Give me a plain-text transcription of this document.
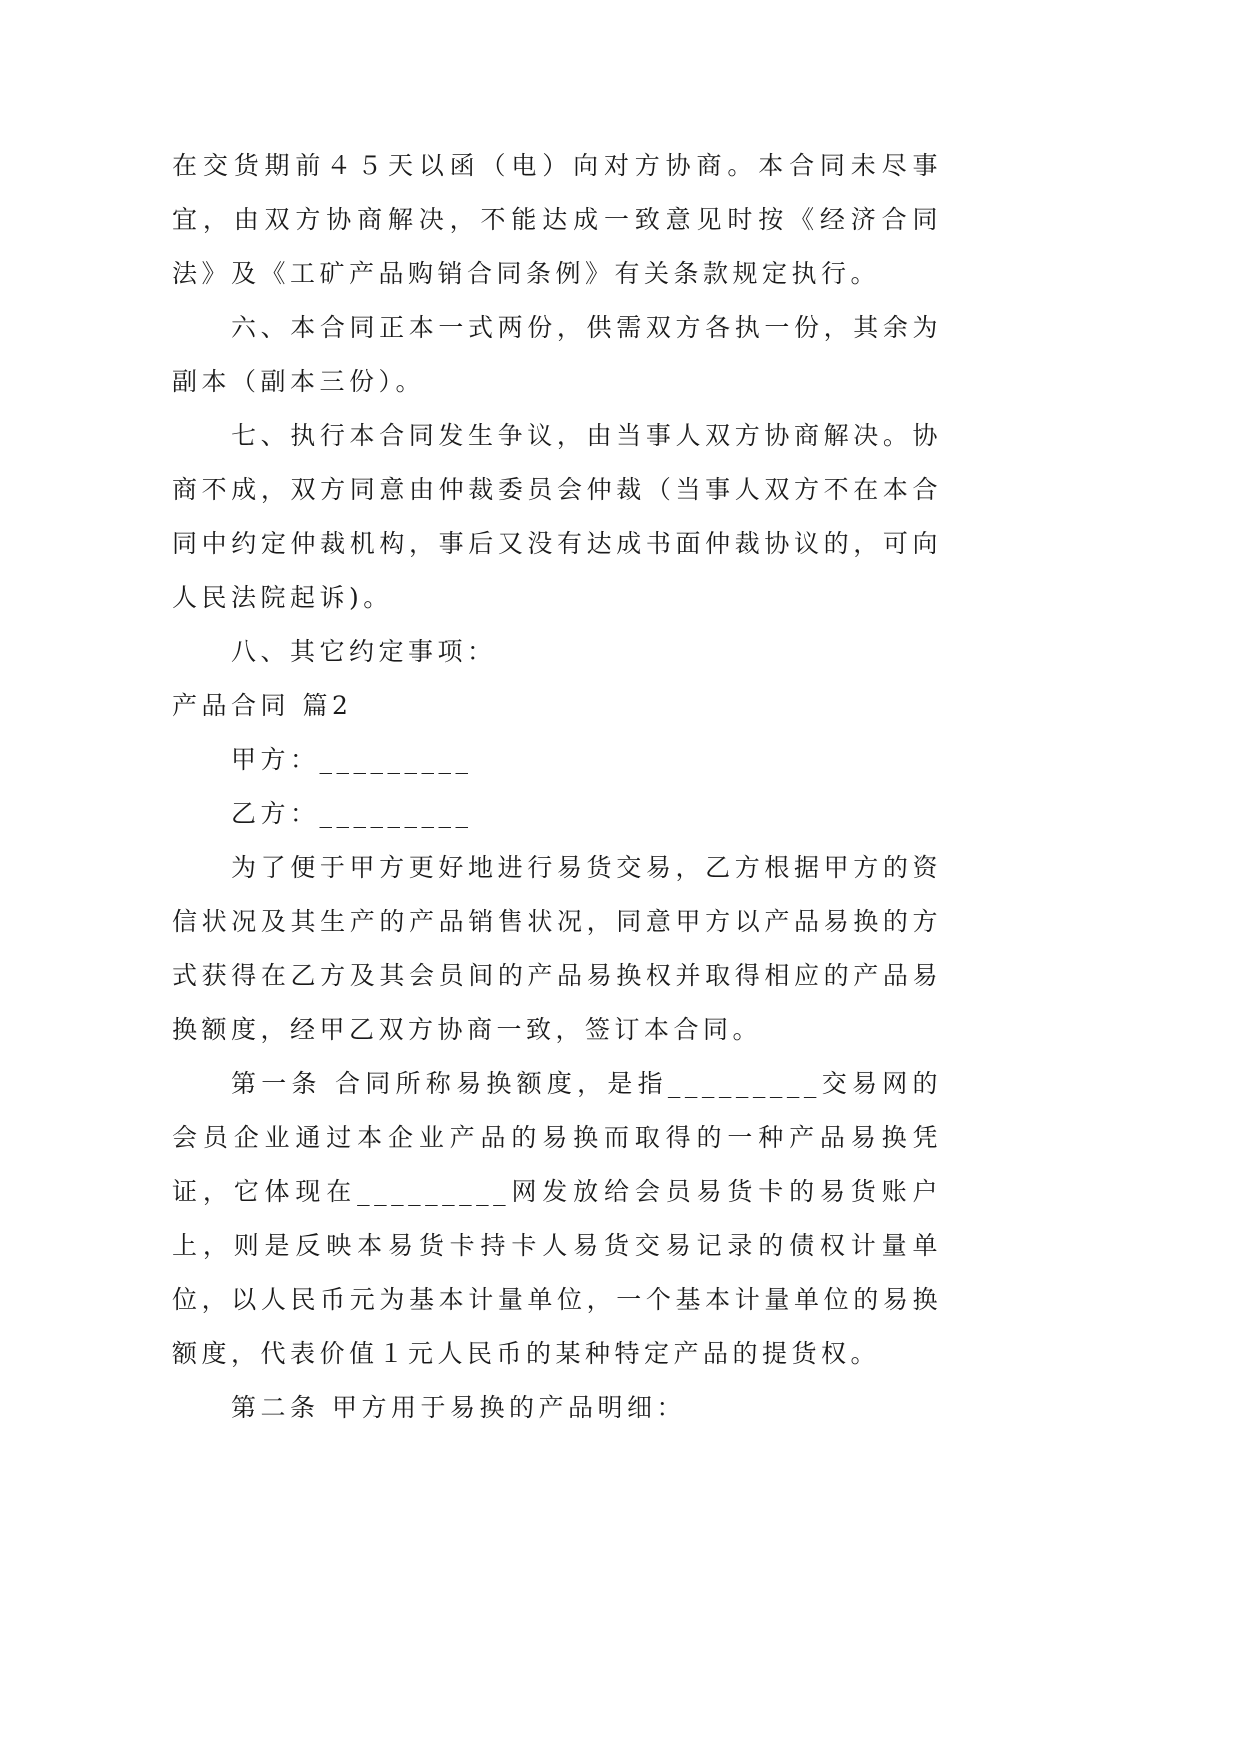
在交货期前４５天以函（电）向对方协商。本合同未尽事宜，由双方协商解决，不能达成一致意见时按《经济合同法》及《工矿产品购销合同条例》有关条款规定执行。

六、本合同正本一式两份，供需双方各执一份，其余为副本（副本三份）。

七、执行本合同发生争议，由当事人双方协商解决。协商不成，双方同意由仲裁委员会仲裁（当事人双方不在本合同中约定仲裁机构，事后又没有达成书面仲裁协议的，可向人民法院起诉)。

八、其它约定事项：

产品合同 篇2

甲方：_________

乙方：_________

为了便于甲方更好地进行易货交易，乙方根据甲方的资信状况及其生产的产品销售状况，同意甲方以产品易换的方式获得在乙方及其会员间的产品易换权并取得相应的产品易换额度，经甲乙双方协商一致，签订本合同。

第一条 合同所称易换额度，是指_________交易网的会员企业通过本企业产品的易换而取得的一种产品易换凭证，它体现在_________网发放给会员易货卡的易货账户上，则是反映本易货卡持卡人易货交易记录的债权计量单位，以人民币元为基本计量单位，一个基本计量单位的易换额度，代表价值１元人民币的某种特定产品的提货权。

第二条 甲方用于易换的产品明细：
